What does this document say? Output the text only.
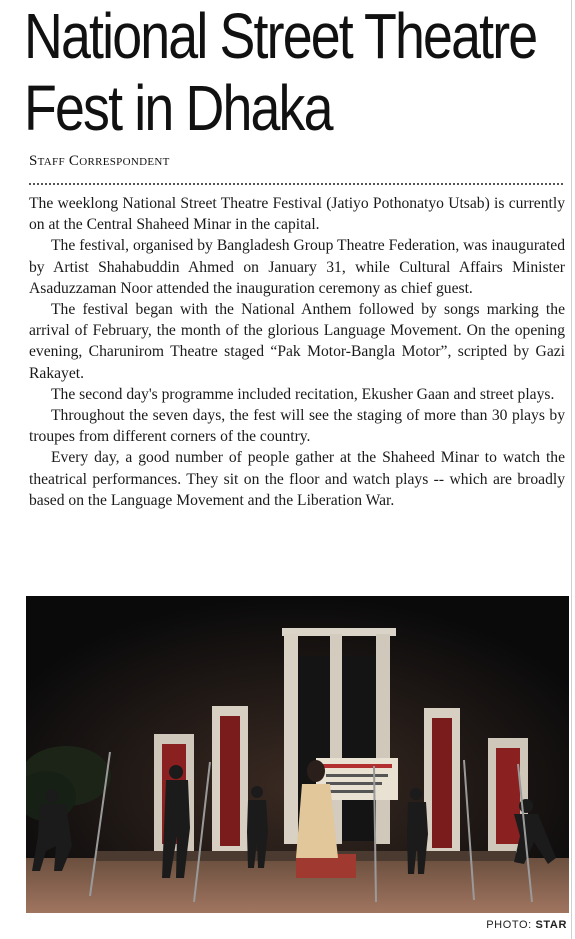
National Street Theatre
Fest in Dhaka
Staff Correspondent

The weeklong National Street Theatre Festival (Jatiyo Pothonatyo Utsab) is currently on at the Central Shaheed Minar in the capital.

The festival, organised by Bangladesh Group Theatre Federation, was inaugurated by Artist Shahabuddin Ahmed on January 31, while Cultural Affairs Minister Asaduzzaman Noor attended the inauguration ceremony as chief guest.

The festival began with the National Anthem followed by songs marking the arrival of February, the month of the glorious Language Movement. On the opening evening, Charunirom Theatre staged “Pak Motor-Bangla Motor”, scripted by Gazi Rakayet.

The second day's programme included recitation, Ekusher Gaan and street plays.

Throughout the seven days, the fest will see the staging of more than 30 plays by troupes from different corners of the country.

Every day, a good number of people gather at the Shaheed Minar to watch the theatrical performances. They sit on the floor and watch plays -- which are broadly based on the Language Movement and the Liberation War.

PHOTO: STAR
